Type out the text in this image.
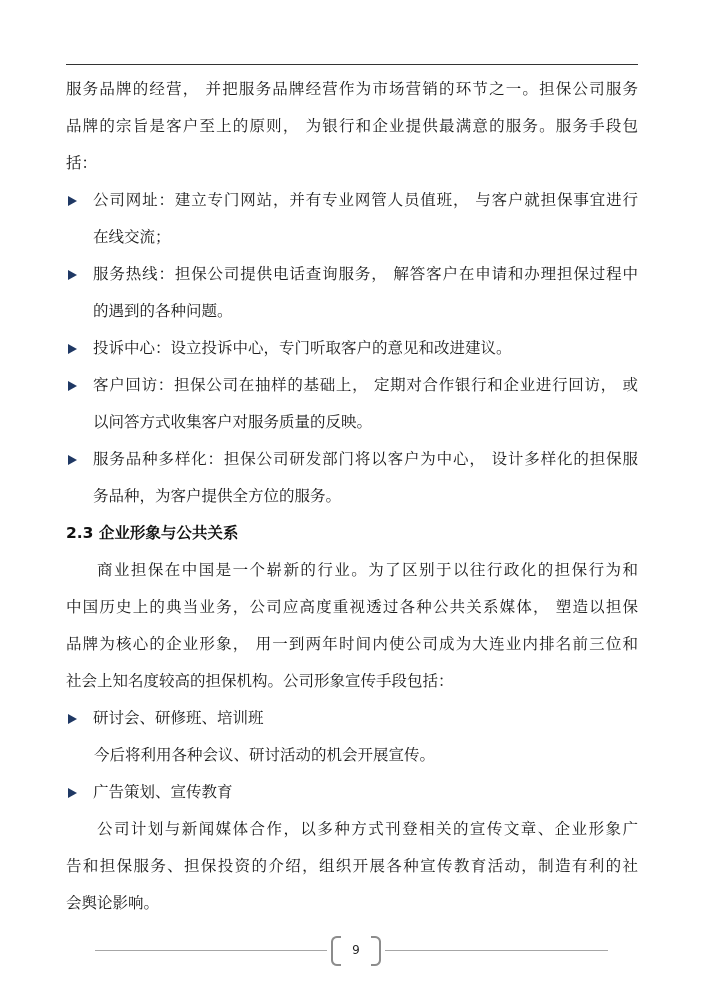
服务品牌的经营， 并把服务品牌经营作为市场营销的环节之一。担保公司服务
品牌的宗旨是客户至上的原则， 为银行和企业提供最满意的服务。服务手段包
括：
公司网址：建立专门网站，并有专业网管人员值班， 与客户就担保事宜进行
在线交流；
服务热线：担保公司提供电话查询服务， 解答客户在申请和办理担保过程中
的遇到的各种问题。
投诉中心：设立投诉中心，专门听取客户的意见和改进建议。
客户回访：担保公司在抽样的基础上， 定期对合作银行和企业进行回访， 或
以问答方式收集客户对服务质量的反映。
服务品种多样化：担保公司研发部门将以客户为中心， 设计多样化的担保服
务品种，为客户提供全方位的服务。
2.3 企业形象与公共关系
商业担保在中国是一个崭新的行业。为了区别于以往行政化的担保行为和
中国历史上的典当业务，公司应高度重视透过各种公共关系媒体， 塑造以担保
品牌为核心的企业形象， 用一到两年时间内使公司成为大连业内排名前三位和
社会上知名度较高的担保机构。公司形象宣传手段包括：
研讨会、研修班、培训班
今后将利用各种会议、研讨活动的机会开展宣传。
广告策划、宣传教育
公司计划与新闻媒体合作，以多种方式刊登相关的宣传文章、企业形象广
告和担保服务、担保投资的介绍，组织开展各种宣传教育活动，制造有利的社
会舆论影响。
9
